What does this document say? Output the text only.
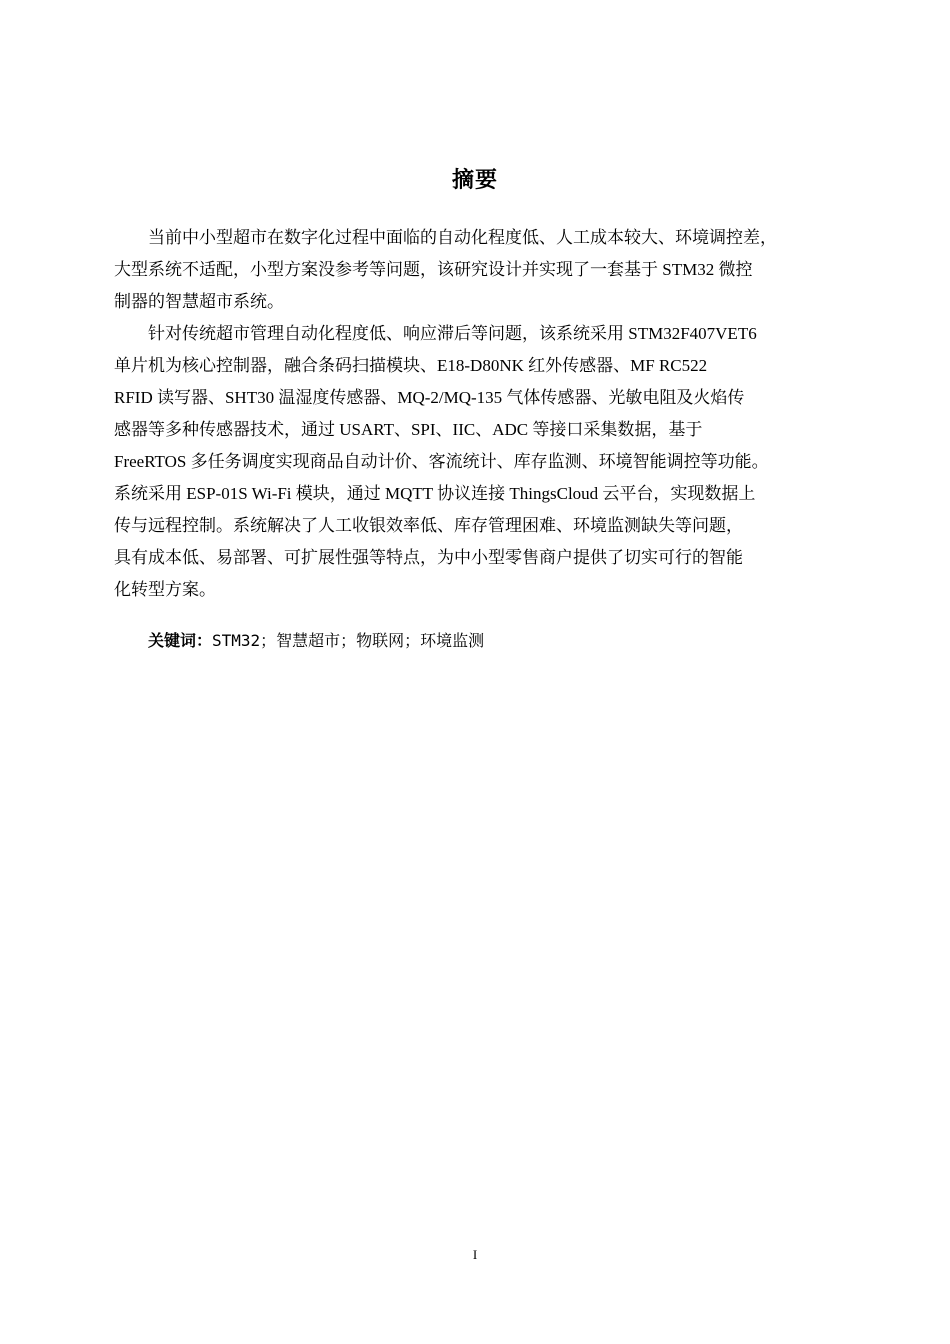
摘要
当前中小型超市在数字化过程中面临的自动化程度低、人工成本较大、环境调控差，
大型系统不适配，小型方案没参考等问题，该研究设计并实现了一套基于 STM32 微控
制器的智慧超市系统。
针对传统超市管理自动化程度低、响应滞后等问题，该系统采用 STM32F407VET6
单片机为核心控制器，融合条码扫描模块、E18-D80NK 红外传感器、MF RC522
RFID 读写器、SHT30 温湿度传感器、MQ-2/MQ-135 气体传感器、光敏电阻及火焰传
感器等多种传感器技术，通过 USART、SPI、IIC、ADC 等接口采集数据，基于
FreeRTOS 多任务调度实现商品自动计价、客流统计、库存监测、环境智能调控等功能。
系统采用 ESP-01S Wi-Fi 模块，通过 MQTT 协议连接 ThingsCloud 云平台，实现数据上
传与远程控制。系统解决了人工收银效率低、库存管理困难、环境监测缺失等问题，
具有成本低、易部署、可扩展性强等特点，为中小型零售商户提供了切实可行的智能
化转型方案。
关键词：STM32；智慧超市；物联网；环境监测
I
